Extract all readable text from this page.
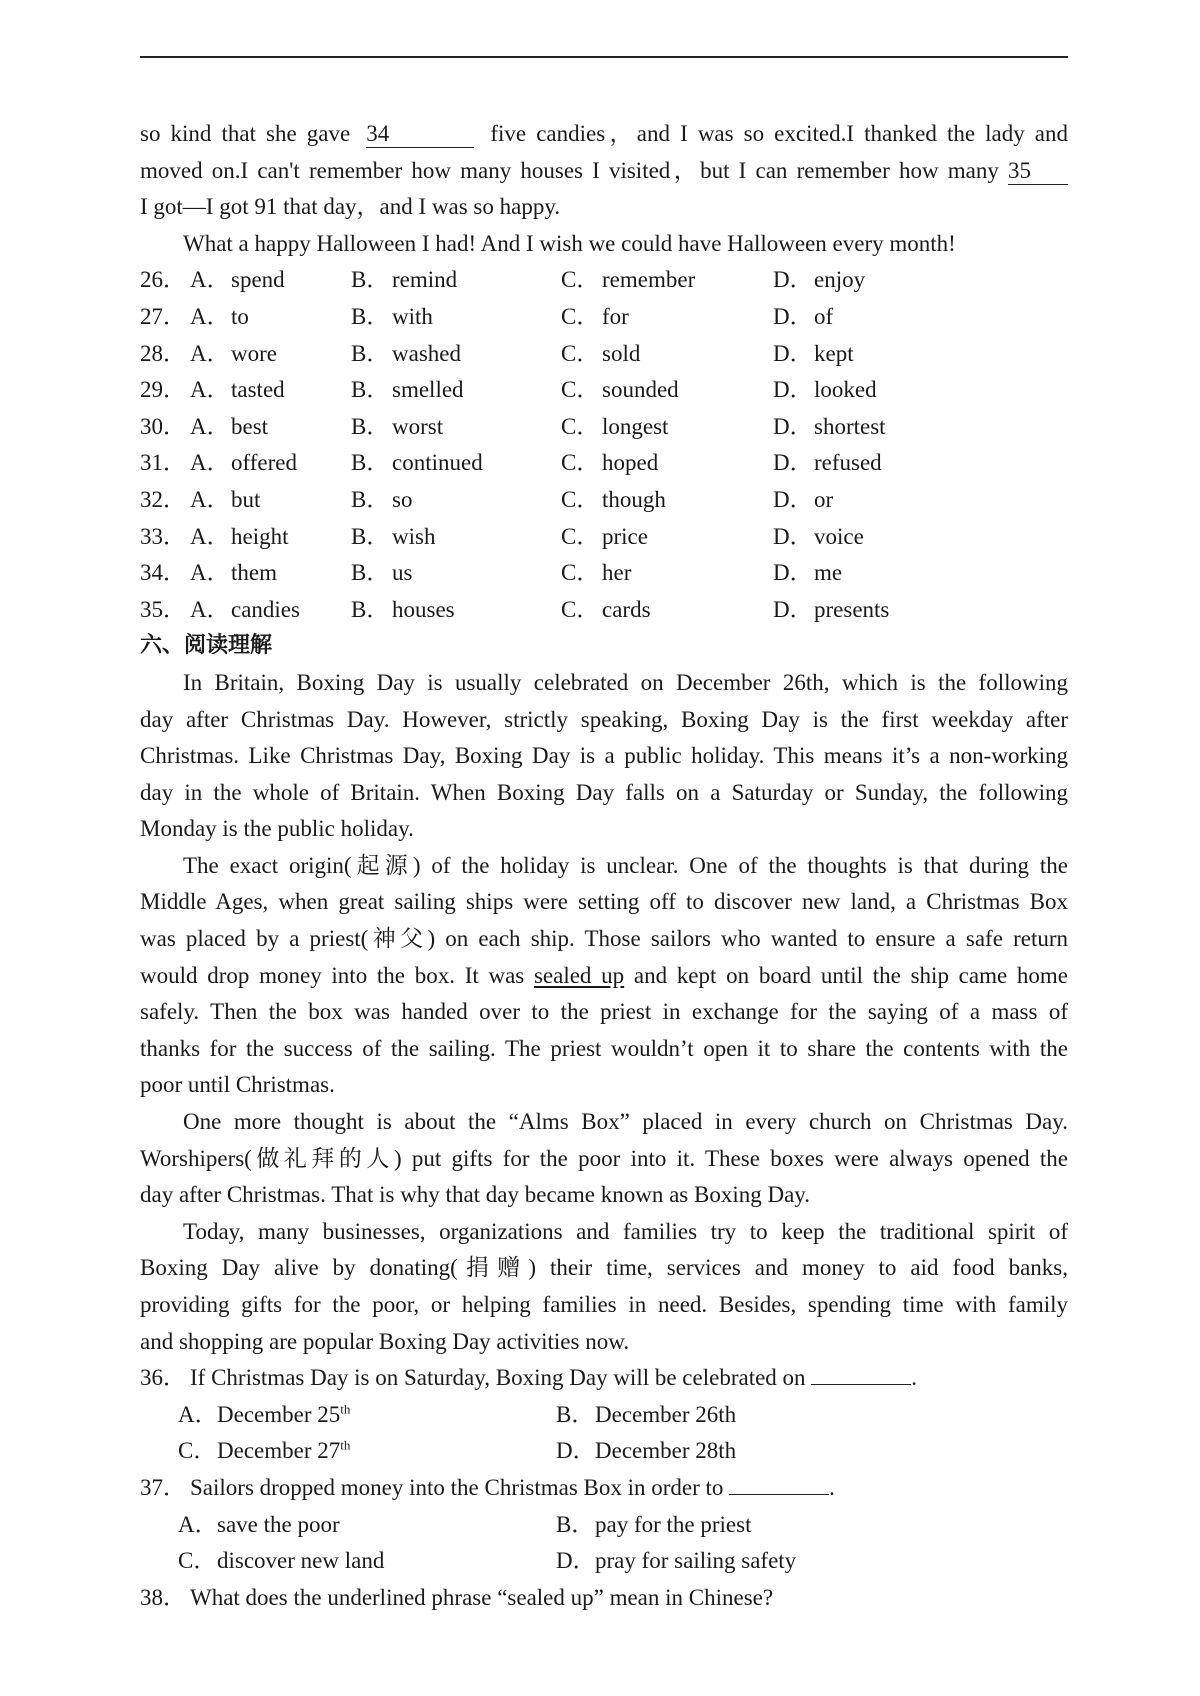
so kind that she gave 34	five candies，and I was so excited.I thanked the lady and
moved on.I can't remember how many houses I visited，but I can remember how many 35
I got—I got 91 that day，and I was so happy.
What a happy Halloween I had! And I wish we could have Halloween every month!
26． A． spend	B． remind	C． remember	D． enjoy
27． A． to	B． with	C． for	D． of
28． A． wore	B． washed	C． sold	D． kept
29． A． tasted	B． smelled	C． sounded	D． looked
30． A． best	B． worst	C． longest	D． shortest
31． A． offered B． continued	C． hoped	D． refused
32． A． but	B． so	C． though	D． or
33． A． height	B． wish	C． price	D． voice
34． A． them	B． us	C． her	D． me
35． A． candies B． houses	C． cards	D． presents
六、阅读理解
In Britain, Boxing Day is usually celebrated on December 26th, which is the following
day after Christmas Day. However, strictly speaking, Boxing Day is the first weekday after
Christmas. Like Christmas Day, Boxing Day is a public holiday. This means it’s a non-working
day in the whole of Britain. When Boxing Day falls on a Saturday or Sunday, the following
Monday is the public holiday.
The exact origin(起源) of the holiday is unclear. One of the thoughts is that during the
Middle Ages, when great sailing ships were setting off to discover new land, a Christmas Box
was placed by a priest(神父) on each ship. Those sailors who wanted to ensure a safe return
would drop money into the box. It was sealed up and kept on board until the ship came home
safely. Then the box was handed over to the priest in exchange for the saying of a mass of
thanks for the success of the sailing. The priest wouldn’t open it to share the contents with the
poor until Christmas.
One more thought is about the “Alms Box” placed in every church on Christmas Day.
Worshipers(做礼拜的人) put gifts for the poor into it. These boxes were always opened the
day after Christmas. That is why that day became known as Boxing Day.
Today, many businesses, organizations and families try to keep the traditional spirit of
Boxing Day alive by donating(捐赠) their time, services and money to aid food banks,
providing gifts for the poor, or helping families in need. Besides, spending time with family
and shopping are popular Boxing Day activities now.
36． If Christmas Day is on Saturday, Boxing Day will be celebrated on	.
A．December 25th	B．December 26th
C．December 27th	D．December 28th
37． Sailors dropped money into the Christmas Box in order to	.
A．save the poor	B．pay for the priest
C．discover new land	D．pray for sailing safety
38． What does the underlined phrase “sealed up” mean in Chinese?
